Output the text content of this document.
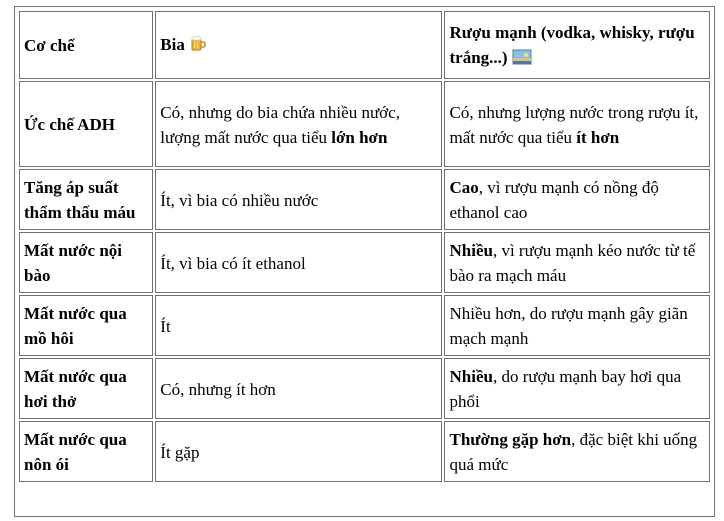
Cơ chế	Bia	Rượu mạnh (vodka, whisky, rượu trắng...)
Ức chế ADH	Có, nhưng do bia chứa nhiều nước, lượng mất nước qua tiểu lớn hơn	Có, nhưng lượng nước trong rượu ít, mất nước qua tiểu ít hơn
Tăng áp suất thẩm thấu máu	Ít, vì bia có nhiều nước	Cao, vì rượu mạnh có nồng độ ethanol cao
Mất nước nội bào	Ít, vì bia có ít ethanol	Nhiều, vì rượu mạnh kéo nước từ tế bào ra mạch máu
Mất nước qua mồ hôi	Ít	Nhiều hơn, do rượu mạnh gây giãn mạch mạnh
Mất nước qua hơi thở	Có, nhưng ít hơn	Nhiều, do rượu mạnh bay hơi qua phổi
Mất nước qua nôn ói	Ít gặp	Thường gặp hơn, đặc biệt khi uống quá mức
